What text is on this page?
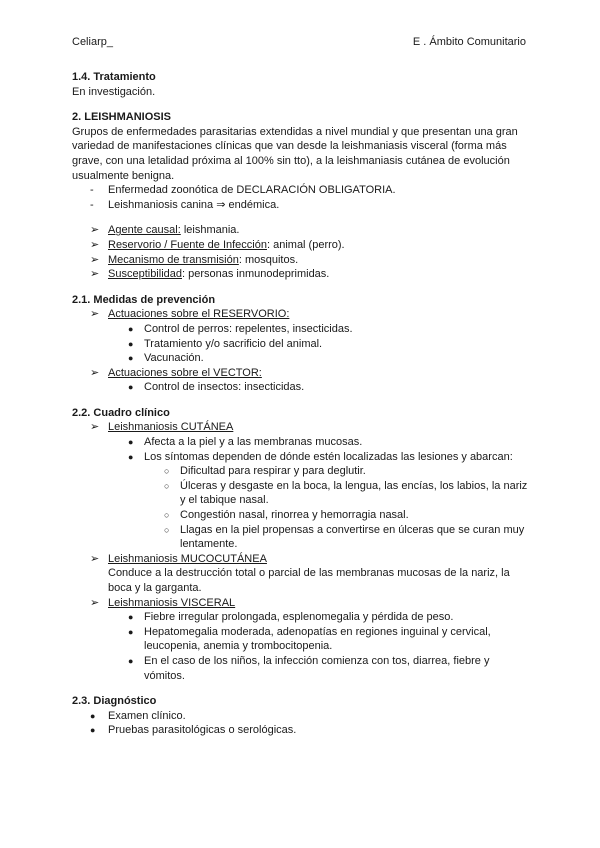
Celiarp_	E . Ámbito Comunitario

1.4. Tratamiento

En investigación.

2. LEISHMANIOSIS

Grupos de enfermedades parasitarias extendidas a nivel mundial y que presentan una gran variedad de manifestaciones clínicas que van desde la leishmaniasis visceral (forma más grave, con una letalidad próxima al 100% sin tto), a la leishmaniasis cutánea de evolución usualmente benigna.

- Enfermedad zoonótica de DECLARACIÓN OBLIGATORIA.
- Leishmaniosis canina ⇒ endémica.
➢ Agente causal: leishmania.
➢ Reservorio / Fuente de Infección: animal (perro).
➢ Mecanismo de transmisión: mosquitos.
➢ Susceptibilidad: personas inmunodeprimidas.

2.1. Medidas de prevención

➢ Actuaciones sobre el RESERVORIO:
● Control de perros: repelentes, insecticidas.
● Tratamiento y/o sacrificio del animal.
● Vacunación.
➢ Actuaciones sobre el VECTOR:
● Control de insectos: insecticidas.

2.2. Cuadro clínico

➢ Leishmaniosis CUTÁNEA
● Afecta a la piel y a las membranas mucosas.
● Los síntomas dependen de dónde estén localizadas las lesiones y abarcan:
○ Dificultad para respirar y para deglutir.
○ Úlceras y desgaste en la boca, la lengua, las encías, los labios, la nariz y el tabique nasal.
○ Congestión nasal, rinorrea y hemorragia nasal.
○ Llagas en la piel propensas a convertirse en úlceras que se curan muy lentamente.
➢ Leishmaniosis MUCOCUTÁNEA

Conduce a la destrucción total o parcial de las membranas mucosas de la nariz, la boca y la garganta.

➢ Leishmaniosis VISCERAL
● Fiebre irregular prolongada, esplenomegalia y pérdida de peso.
● Hepatomegalia moderada, adenopatías en regiones inguinal y cervical, leucopenia, anemia y trombocitopenia.
● En el caso de los niños, la infección comienza con tos, diarrea, fiebre y vómitos.

2.3. Diagnóstico

● Examen clínico.
● Pruebas parasitológicas o serológicas.
